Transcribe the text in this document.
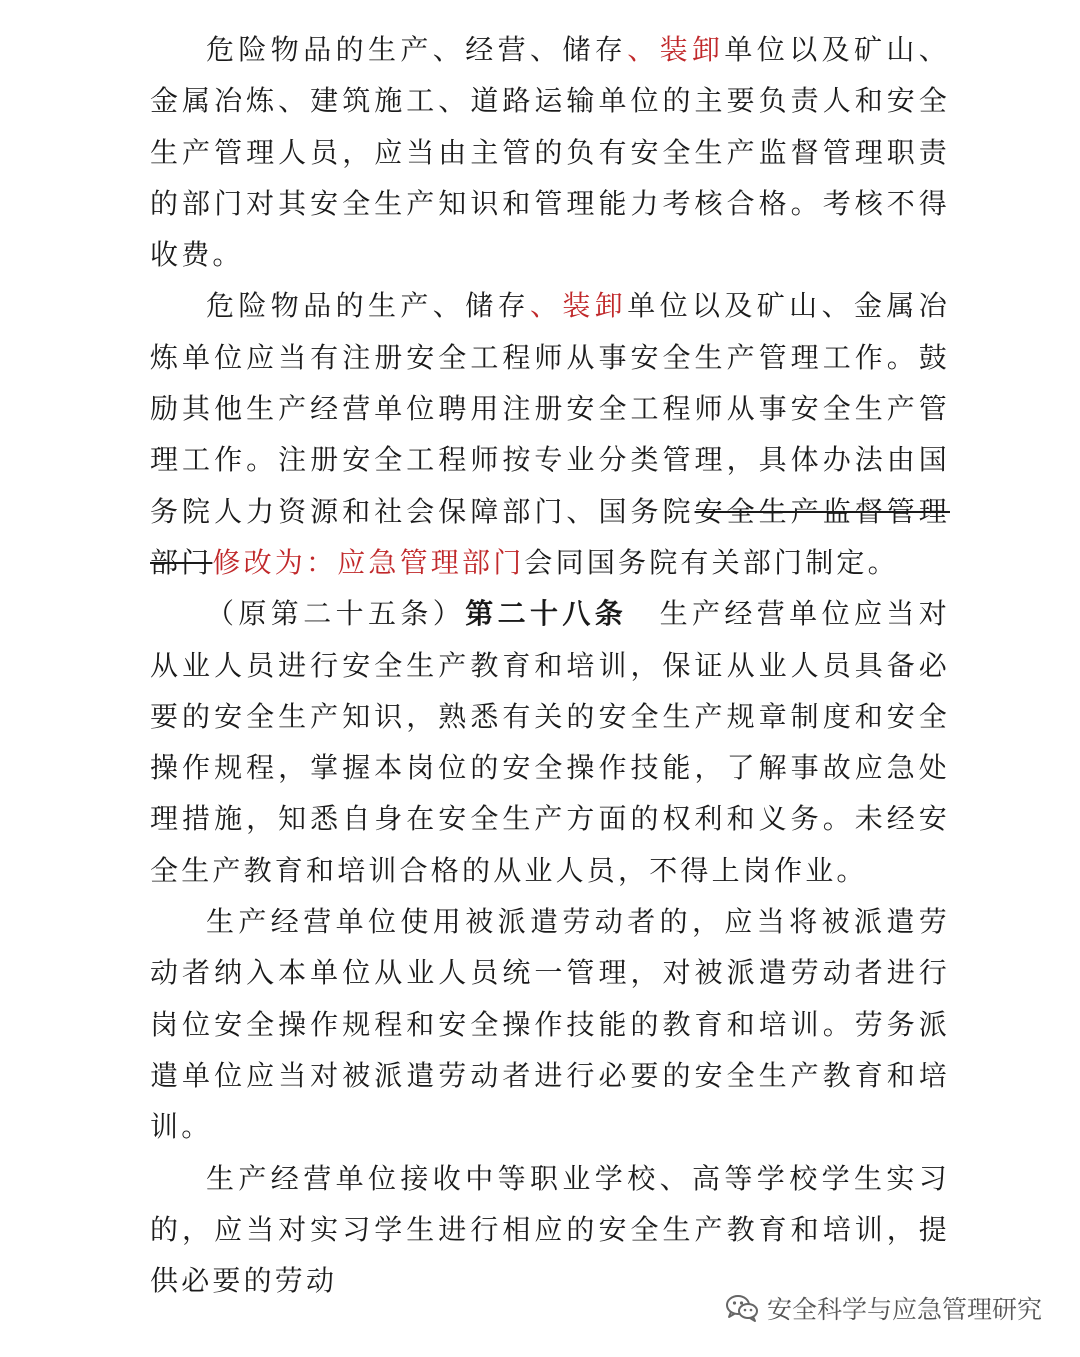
危险物品的生产、经营、储存、装卸单位以及矿山、金属冶炼、建筑施工、道路运输单位的主要负责人和安全生产管理人员，应当由主管的负有安全生产监督管理职责的部门对其安全生产知识和管理能力考核合格。考核不得收费。

危险物品的生产、储存、装卸单位以及矿山、金属冶炼单位应当有注册安全工程师从事安全生产管理工作。鼓励其他生产经营单位聘用注册安全工程师从事安全生产管理工作。注册安全工程师按专业分类管理，具体办法由国务院人力资源和社会保障部门、国务院安全生产监督管理部门修改为：应急管理部门会同国务院有关部门制定。

（原第二十五条）第二十八条　生产经营单位应当对从业人员进行安全生产教育和培训，保证从业人员具备必要的安全生产知识，熟悉有关的安全生产规章制度和安全操作规程，掌握本岗位的安全操作技能，了解事故应急处理措施，知悉自身在安全生产方面的权利和义务。未经安全生产教育和培训合格的从业人员，不得上岗作业。

生产经营单位使用被派遣劳动者的，应当将被派遣劳动者纳入本单位从业人员统一管理，对被派遣劳动者进行岗位安全操作规程和安全操作技能的教育和培训。劳务派遣单位应当对被派遣劳动者进行必要的安全生产教育和培训。

生产经营单位接收中等职业学校、高等学校学生实习的，应当对实习学生进行相应的安全生产教育和培训，提供必要的劳动

安全科学与应急管理研究
